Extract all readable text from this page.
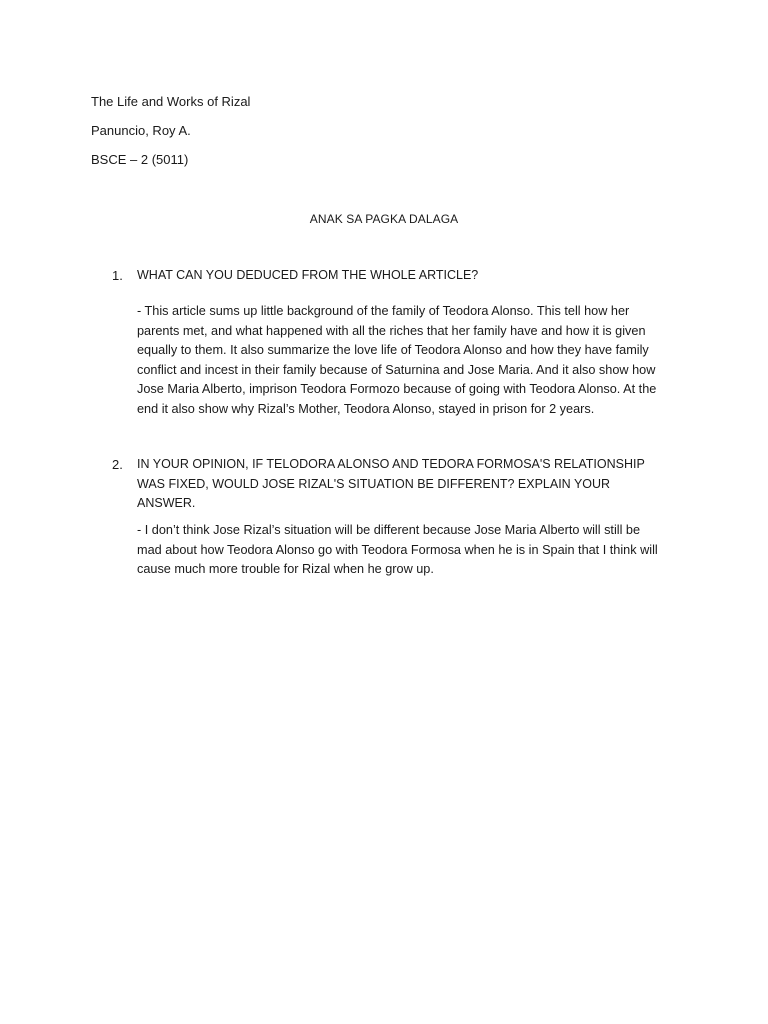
The Life and Works of Rizal
Panuncio, Roy A.
BSCE – 2 (5011)
ANAK SA PAGKA DALAGA
1. WHAT CAN YOU DEDUCED FROM THE WHOLE ARTICLE?
- This article sums up little background of the family of Teodora Alonso. This tell how her parents met, and what happened with all the riches that her family have and how it is given equally to them. It also summarize the love life of Teodora Alonso and how they have family conflict and incest in their family because of Saturnina and Jose Maria. And it also show how Jose Maria Alberto, imprison Teodora Formozo because of going with Teodora Alonso. At the end it also show why Rizal’s Mother, Teodora Alonso, stayed in prison for 2 years.
2. IN YOUR OPINION, IF TELODORA ALONSO AND TEDORA FORMOSA'S RELATIONSHIP WAS FIXED, WOULD JOSE RIZAL'S SITUATION BE DIFFERENT? EXPLAIN YOUR ANSWER.
- I don’t think Jose Rizal’s situation will be different because Jose Maria Alberto will still be mad about how Teodora Alonso go with Teodora Formosa when he is in Spain that I think will cause much more trouble for Rizal when he grow up.
